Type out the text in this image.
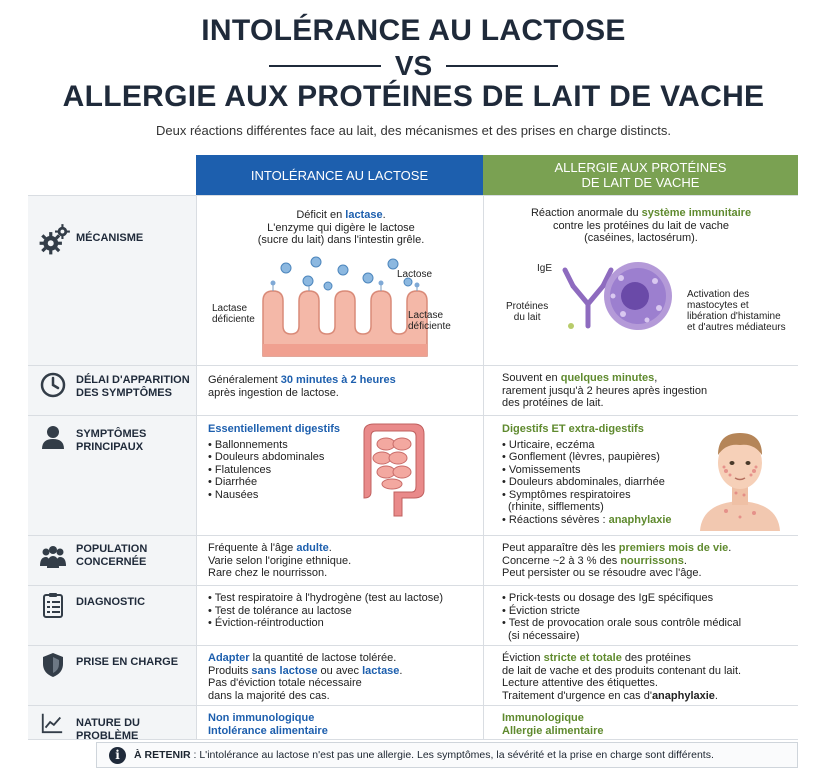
INTOLÉRANCE AU LACTOSE
VS
ALLERGIE AUX PROTÉINES DE LAIT DE VACHE
Deux réactions différentes face au lait, des mécanismes et des prises en charge distincts.
INTOLÉRANCE AU LACTOSE	ALLERGIE AUX PROTÉINES
DE LAIT DE VACHE
MÉCANISME
Déficit en lactase.
L'enzyme qui digère le lactose
(sucre du lait) dans l'intestin grêle.
Lactose
Lactase
déficiente	Lactase
déficiente
Réaction anormale du système immunitaire
contre les protéines du lait de vache
(caséines, lactosérum).
IgE
Protéines
du lait
Activation des
mastocytes et
libération d'histamine
et d'autres médiateurs
DÉLAI D'APPARITION
DES SYMPTÔMES
Généralement 30 minutes à 2 heures
après ingestion de lactose.
Souvent en quelques minutes,
rarement jusqu'à 2 heures après ingestion
des protéines de lait.
SYMPTÔMES
PRINCIPAUX
Essentiellement digestifs
• Ballonnements
• Douleurs abdominales
• Flatulences
• Diarrhée
• Nausées
Digestifs ET extra-digestifs
• Urticaire, eczéma
• Gonflement (lèvres, paupières)
• Vomissements
• Douleurs abdominales, diarrhée
• Symptômes respiratoires
(rhinite, sifflements)
• Réactions sévères : anaphylaxie
POPULATION
CONCERNÉE
Fréquente à l'âge adulte.
Varie selon l'origine ethnique.
Rare chez le nourrisson.
Peut apparaître dès les premiers mois de vie.
Concerne ~2 à 3 % des nourrissons.
Peut persister ou se résoudre avec l'âge.
DIAGNOSTIC
•	Test respiratoire à l'hydrogène (test au lactose)
• Test de tolérance au lactose
• Éviction-réintroduction
• Prick-tests ou dosage des IgE spécifiques
• Éviction stricte
• Test de provocation orale sous contrôle médical
(si nécessaire)
PRISE EN CHARGE	Adapter la quantité de lactose tolérée.
Produits sans lactose ou avec lactase.
Pas d'éviction totale nécessaire
dans la majorité des cas.
Éviction stricte et totale des protéines
de lait de vache et des produits contenant du lait.
Lecture attentive des étiquettes.
Traitement d'urgence en cas d'anaphylaxie.
NATURE DU PROBLÈME
Non immunologique
Intolérance alimentaire
Immunologique
Allergie alimentaire
i	À RETENIR : L'intolérance au lactose n'est pas une allergie. Les symptômes, la sévérité et la prise en charge sont différents.
